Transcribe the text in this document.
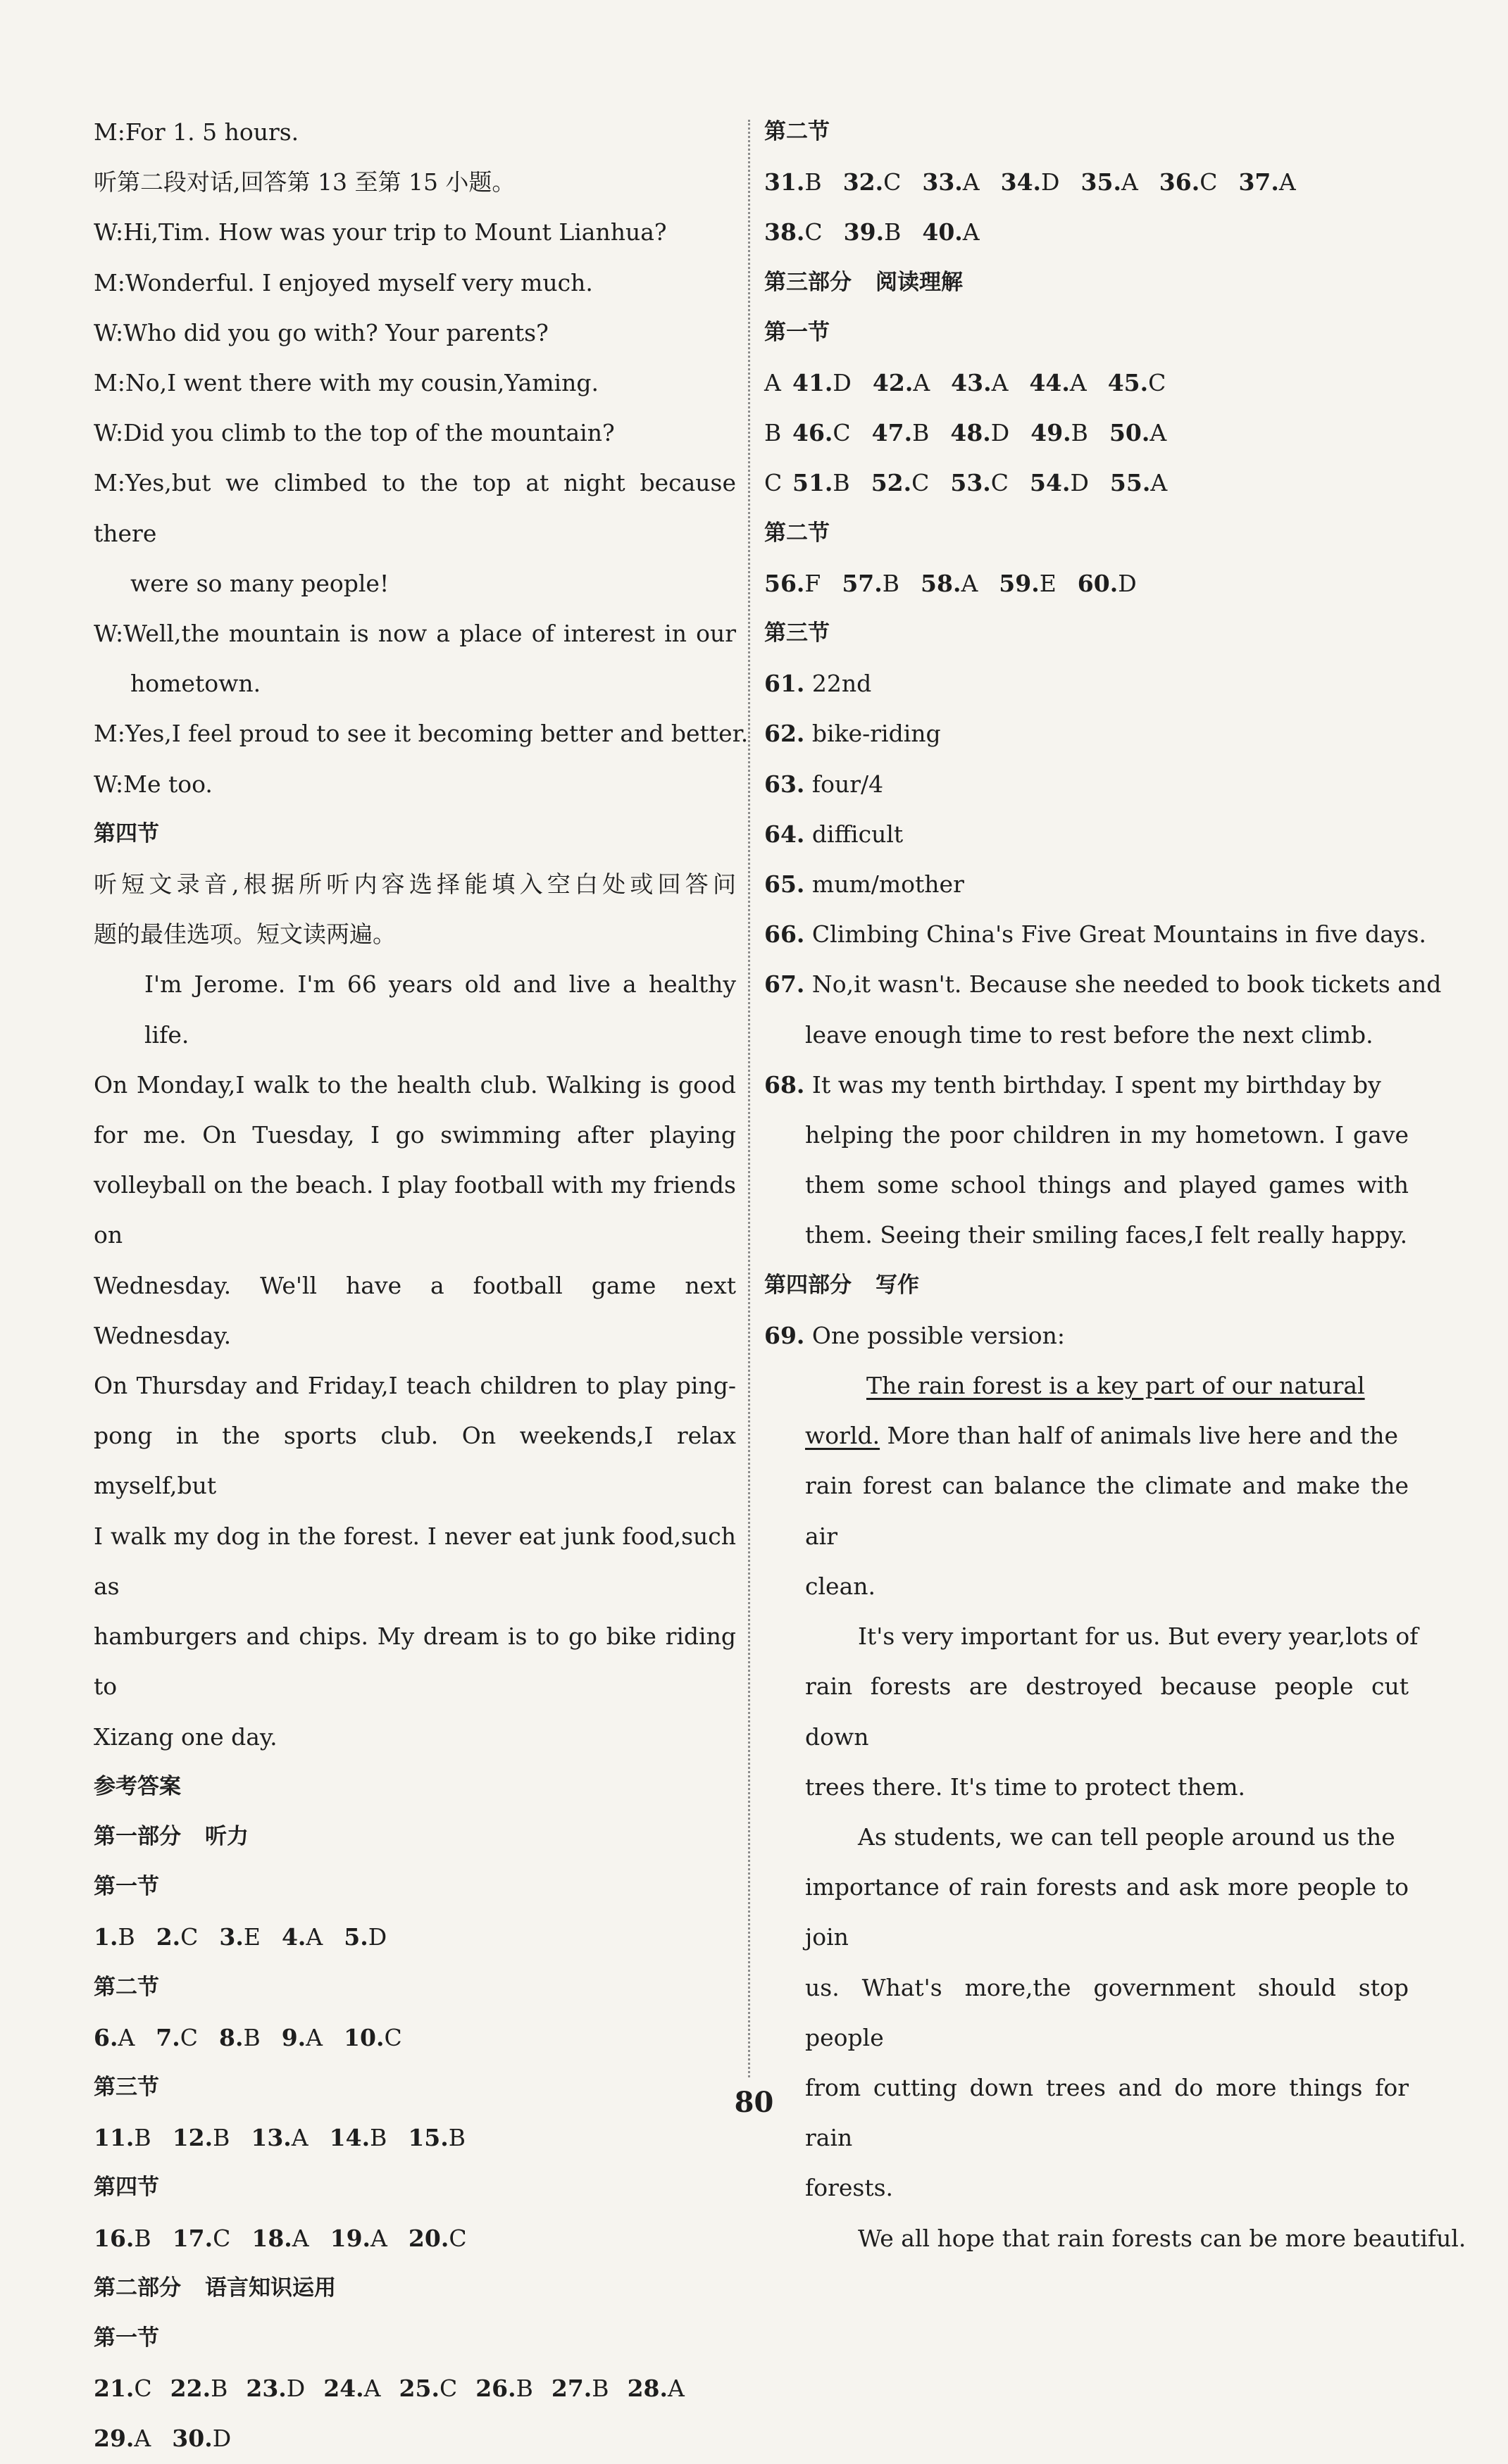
M:For 1. 5 hours.
听第二段对话,回答第 13 至第 15 小题。
W:Hi,Tim. How was your trip to Mount Lianhua?
M:Wonderful. I enjoyed myself very much.
W:Who did you go with? Your parents?
M:No,I went there with my cousin,Yaming.
W:Did you climb to the top of the mountain?
M:Yes,but we climbed to the top at night because there
were so many people!
W:Well,the mountain is now a place of interest in our
hometown.
M:Yes,I feel proud to see it becoming better and better.
W:Me too.
第四节
听短文录音,根据所听内容选择能填入空白处或回答问
题的最佳选项。短文读两遍。
I'm Jerome. I'm 66 years old and live a healthy life.
On Monday,I walk to the health club. Walking is good
for me. On Tuesday, I go swimming after playing
volleyball on the beach. I play football with my friends on
Wednesday. We'll have a football game next Wednesday.
On Thursday and Friday,I teach children to play ping-
pong in the sports club. On weekends,I relax myself,but
I walk my dog in the forest. I never eat junk food,such as
hamburgers and chips. My dream is to go bike riding to
Xizang one day.
参考答案
第一部分 听力
第一节
1.B 2.C 3.E 4.A 5.D
第二节
6.A 7.C 8.B 9.A 10.C
第三节
11.B 12.B 13.A 14.B 15.B
第四节
16.B 17.C 18.A 19.A 20.C
第二部分 语言知识运用
第一节
21.C 22.B 23.D 24.A 25.C 26.B 27.B 28.A
29.A 30.D
第二节
31.B 32.C 33.A 34.D 35.A 36.C 37.A
38.C 39.B 40.A
第三部分 阅读理解
第一节
A 41.D 42.A 43.A 44.A 45.C
B 46.C 47.B 48.D 49.B 50.A
C 51.B 52.C 53.C 54.D 55.A
第二节
56.F 57.B 58.A 59.E 60.D
第三节
61. 22nd
62. bike-riding
63. four/4
64. difficult
65. mum/mother
66. Climbing China's Five Great Mountains in five days.
67. No,it wasn't. Because she needed to book tickets and
leave enough time to rest before the next climb.
68. It was my tenth birthday. I spent my birthday by
helping the poor children in my hometown. I gave
them some school things and played games with
them. Seeing their smiling faces,I felt really happy.
第四部分 写作
69. One possible version:
The rain forest is a key part of our natural
world. More than half of animals live here and the
rain forest can balance the climate and make the air
clean.
It's very important for us. But every year,lots of
rain forests are destroyed because people cut down
trees there. It's time to protect them.
As students, we can tell people around us the
importance of rain forests and ask more people to join
us. What's more,the government should stop people
from cutting down trees and do more things for rain
forests.
We all hope that rain forests can be more beautiful.
80
